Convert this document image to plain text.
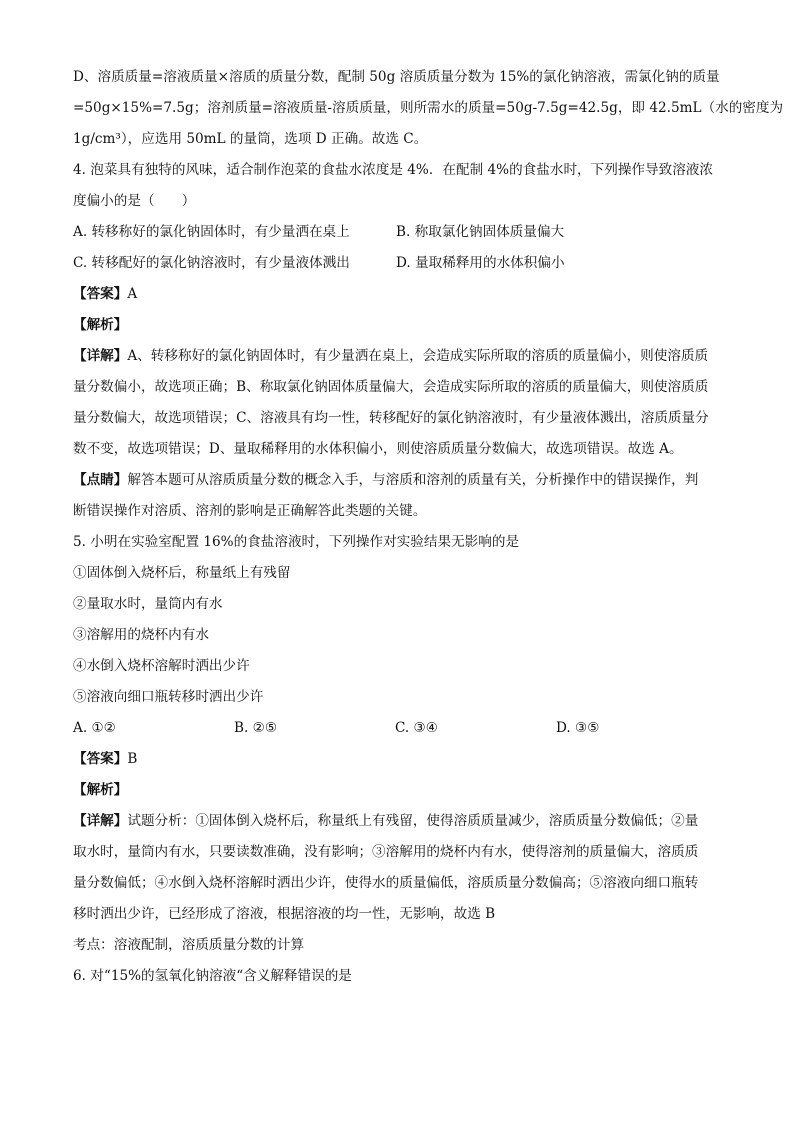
D、溶质质量=溶液质量×溶质的质量分数，配制 50g 溶质质量分数为 15%的氯化钠溶液，需氯化钠的质量
=50g×15%=7.5g；溶剂质量=溶液质量-溶质质量，则所需水的质量=50g-7.5g=42.5g，即 42.5mL（水的密度为
1g/cm³），应选用 50mL 的量筒，选项 D 正确。故选 C。
4. 泡菜具有独特的风味，适合制作泡菜的食盐水浓度是 4%．在配制 4%的食盐水时，下列操作导致溶液浓
度偏小的是（　　）
A. 转移称好的氯化钠固体时，有少量洒在桌上	B. 称取氯化钠固体质量偏大
C. 转移配好的氯化钠溶液时，有少量液体溅出	D. 量取稀释用的水体积偏小
【答案】A
【解析】
【详解】A、转移称好的氯化钠固体时，有少量洒在桌上，会造成实际所取的溶质的质量偏小，则使溶质质
量分数偏小，故选项正确；B、称取氯化钠固体质量偏大，会造成实际所取的溶质的质量偏大，则使溶质质
量分数偏大，故选项错误；C、溶液具有均一性，转移配好的氯化钠溶液时，有少量液体溅出，溶质质量分
数不变，故选项错误；D、量取稀释用的水体积偏小，则使溶质质量分数偏大，故选项错误。故选 A。
【点睛】解答本题可从溶质质量分数的概念入手，与溶质和溶剂的质量有关，分析操作中的错误操作，判
断错误操作对溶质、溶剂的影响是正确解答此类题的关键。
5. 小明在实验室配置 16%的食盐溶液时，下列操作对实验结果无影响的是
①固体倒入烧杯后，称量纸上有残留
②量取水时，量筒内有水
③溶解用的烧杯内有水
④水倒入烧杯溶解时洒出少许
⑤溶液向细口瓶转移时洒出少许
A. ①②	B. ②⑤	C. ③④	D. ③⑤
【答案】B
【解析】
【详解】试题分析：①固体倒入烧杯后，称量纸上有残留，使得溶质质量减少，溶质质量分数偏低；②量
取水时，量筒内有水，只要读数准确，没有影响；③溶解用的烧杯内有水，使得溶剂的质量偏大，溶质质
量分数偏低；④水倒入烧杯溶解时洒出少许，使得水的质量偏低，溶质质量分数偏高；⑤溶液向细口瓶转
移时洒出少许，已经形成了溶液，根据溶液的均一性，无影响，故选 B
考点：溶液配制，溶质质量分数的计算
6. 对“15%的氢氧化钠溶液“含义解释错误的是
